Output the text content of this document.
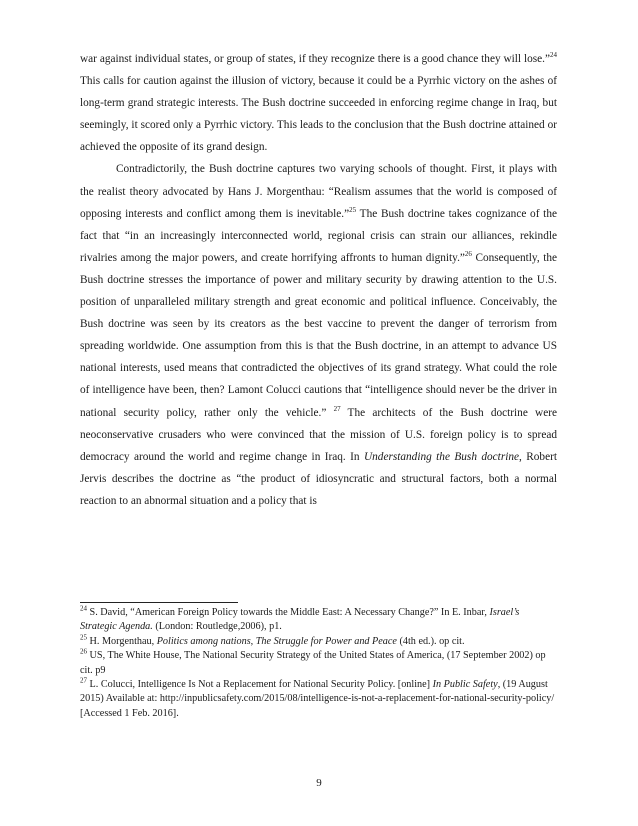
war against individual states, or group of states, if they recognize there is a good chance they will lose.”$^{24}$ This calls for caution against the illusion of victory, because it could be a Pyrrhic victory on the ashes of long-term grand strategic interests. The Bush doctrine succeeded in enforcing regime change in Iraq, but seemingly, it scored only a Pyrrhic victory. This leads to the conclusion that the Bush doctrine attained or achieved the opposite of its grand design.

Contradictorily, the Bush doctrine captures two varying schools of thought. First, it plays with the realist theory advocated by Hans J. Morgenthau: “Realism assumes that the world is composed of opposing interests and conflict among them is inevitable.”$^{25}$ The Bush doctrine takes cognizance of the fact that “in an increasingly interconnected world, regional crisis can strain our alliances, rekindle rivalries among the major powers, and create horrifying affronts to human dignity.”$^{26}$ Consequently, the Bush doctrine stresses the importance of power and military security by drawing attention to the U.S. position of unparalleled military strength and great economic and political influence. Conceivably, the Bush doctrine was seen by its creators as the best vaccine to prevent the danger of terrorism from spreading worldwide. One assumption from this is that the Bush doctrine, in an attempt to advance US national interests, used means that contradicted the objectives of its grand strategy. What could the role of intelligence have been, then? Lamont Colucci cautions that “intelligence should never be the driver in national security policy, rather only the vehicle.” $^{27}$ The architects of the Bush doctrine were neoconservative crusaders who were convinced that the mission of U.S. foreign policy is to spread democracy around the world and regime change in Iraq. In Understanding the Bush doctrine, Robert Jervis describes the doctrine as “the product of idiosyncratic and structural factors, both a normal reaction to an abnormal situation and a policy that is

$^{24}$ S. David, “American Foreign Policy towards the Middle East: A Necessary Change?” In E. Inbar, Israel’s Strategic Agenda. (London: Routledge,2006), p1.

$^{25}$ H. Morgenthau, Politics among nations, The Struggle for Power and Peace (4th ed.). op cit.

$^{26}$ US, The White House, The National Security Strategy of the United States of America, (17 September 2002) op cit. p9

$^{27}$ L. Colucci, Intelligence Is Not a Replacement for National Security Policy. [online] In Public Safety, (19 August 2015) Available at: http://inpublicsafety.com/2015/08/intelligence-is-not-a-replacement-for-national-security-policy/ [Accessed 1 Feb. 2016].

9
